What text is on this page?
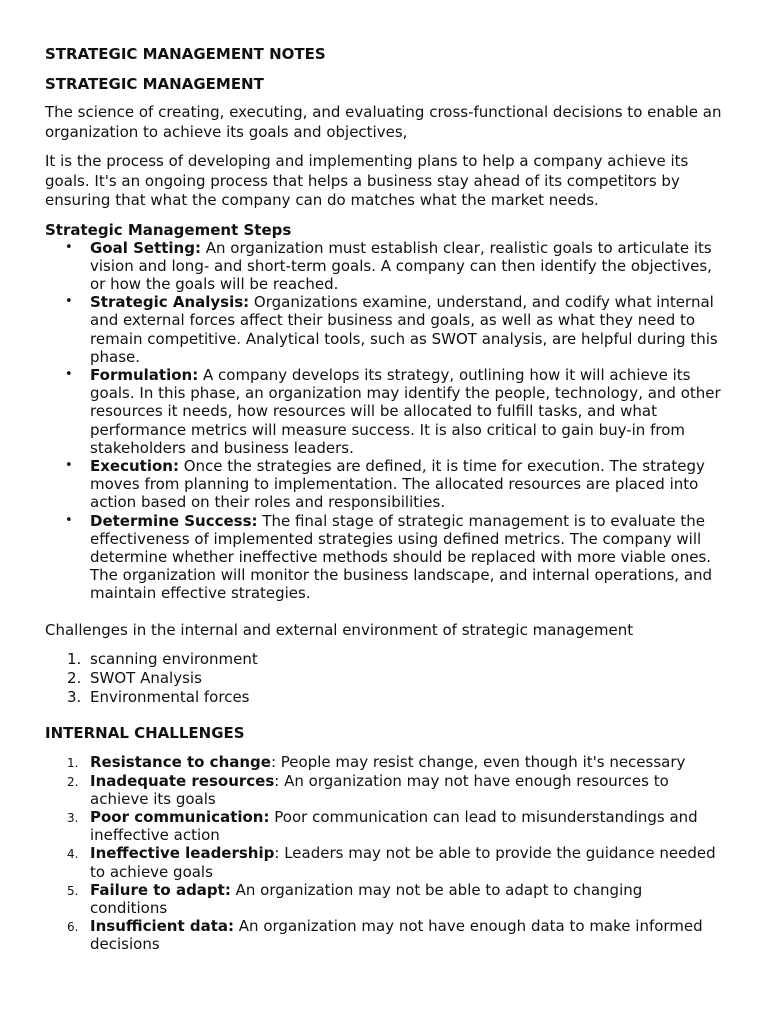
STRATEGIC MANAGEMENT NOTES
STRATEGIC MANAGEMENT

The science of creating, executing, and evaluating cross-functional decisions to enable an organization to achieve its goals and objectives,

It is the process of developing and implementing plans to help a company achieve its goals. It's an ongoing process that helps a business stay ahead of its competitors by ensuring that what the company can do matches what the market needs.

Strategic Management Steps
• Goal Setting: An organization must establish clear, realistic goals to articulate its vision and long- and short-term goals. A company can then identify the objectives, or how the goals will be reached.
• Strategic Analysis: Organizations examine, understand, and codify what internal and external forces affect their business and goals, as well as what they need to remain competitive. Analytical tools, such as SWOT analysis, are helpful during this phase.
• Formulation: A company develops its strategy, outlining how it will achieve its goals. In this phase, an organization may identify the people, technology, and other resources it needs, how resources will be allocated to fulfill tasks, and what performance metrics will measure success. It is also critical to gain buy-in from stakeholders and business leaders.
• Execution: Once the strategies are defined, it is time for execution. The strategy moves from planning to implementation. The allocated resources are placed into action based on their roles and responsibilities.
• Determine Success: The final stage of strategic management is to evaluate the effectiveness of implemented strategies using defined metrics. The company will determine whether ineffective methods should be replaced with more viable ones. The organization will monitor the business landscape, and internal operations, and maintain effective strategies.

Challenges in the internal and external environment of strategic management

1. scanning environment
2. SWOT Analysis
3. Environmental forces
INTERNAL CHALLENGES
1. Resistance to change: People may resist change, even though it's necessary
2. Inadequate resources: An organization may not have enough resources to achieve its goals
3. Poor communication: Poor communication can lead to misunderstandings and ineffective action
4. Ineffective leadership: Leaders may not be able to provide the guidance needed to achieve goals
5. Failure to adapt: An organization may not be able to adapt to changing conditions
6. Insufficient data: An organization may not have enough data to make informed decisions
